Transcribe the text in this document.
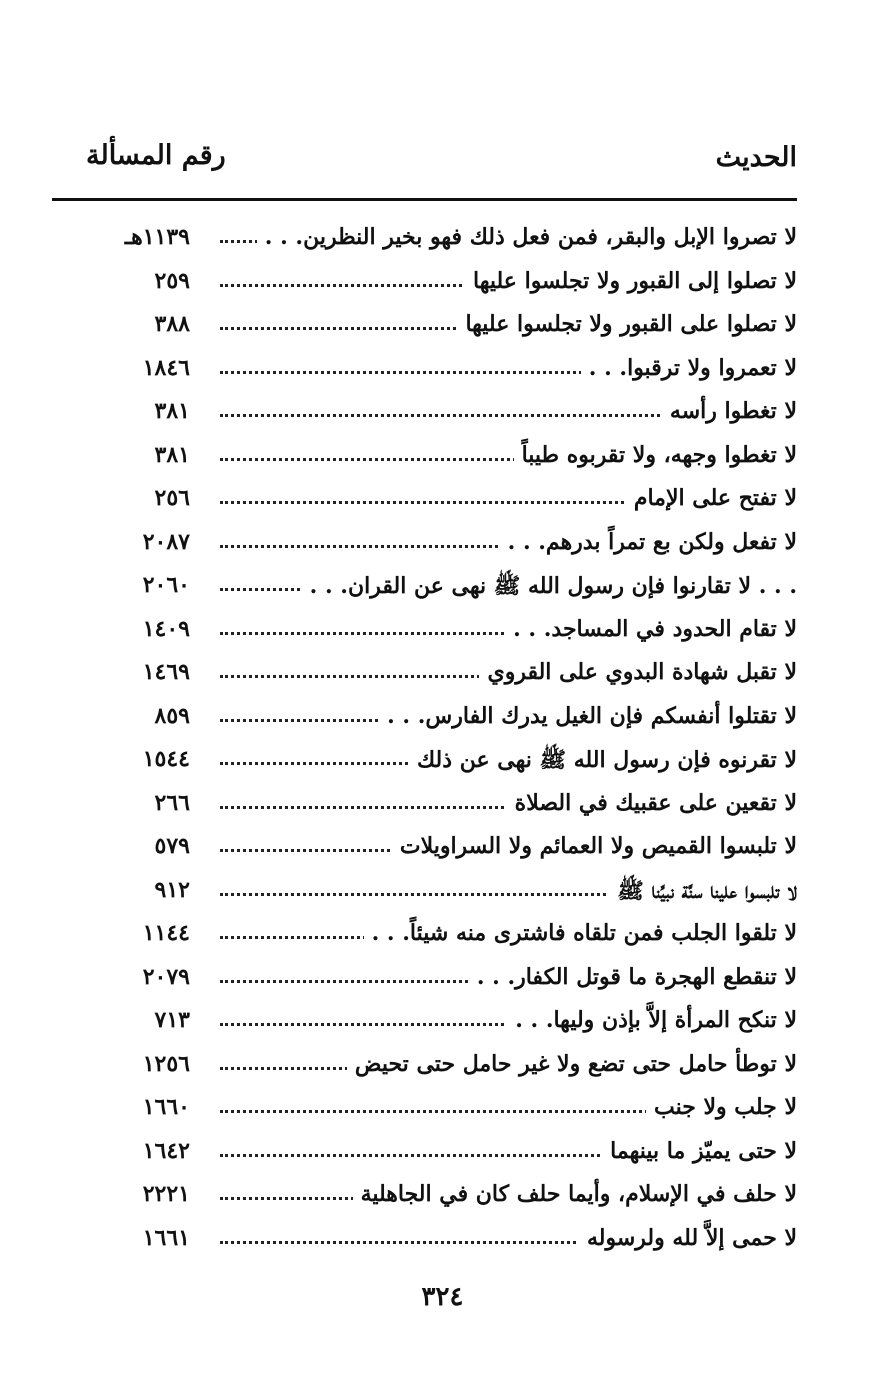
الحديث
رقم المسألة
لا تصروا الإبل والبقر، فمن فعل ذلك فهو بخير النظرين. . .
١١٣٩هـ
لا تصلوا إلى القبور ولا تجلسوا عليها
٢٥٩
لا تصلوا على القبور ولا تجلسوا عليها
٣٨٨
لا تعمروا ولا ترقبوا. . .
١٨٤٦
لا تغطوا رأسه
٣٨١
لا تغطوا وجهه، ولا تقربوه طيباً
٣٨١
لا تفتح على الإمام
٢٥٦
لا تفعل ولكن بع تمراً بدرهم. . .
٢٠٨٧
. . . لا تقارنوا فإن رسول الله ﷺ نهى عن القران. . .
٢٠٦٠
لا تقام الحدود في المساجد. . .
١٤٠٩
لا تقبل شهادة البدوي على القروي
١٤٦٩
لا تقتلوا أنفسكم فإن الغيل يدرك الفارس. . .
٨٥٩
لا تقرنوه فإن رسول الله ﷺ نهى عن ذلك
١٥٤٤
لا تقعين على عقبيك في الصلاة
٢٦٦
لا تلبسوا القميص ولا العمائم ولا السراويلات
٥٧٩
لا تلبسوا علينا سنَّة نبيِّنا ﷺ
٩١٢
لا تلقوا الجلب فمن تلقاه فاشترى منه شيئاً. . .
١١٤٤
لا تنقطع الهجرة ما قوتل الكفار. . .
٢٠٧٩
لا تنكح المرأة إلاَّ بإذن وليها. . .
٧١٣
لا توطأ حامل حتى تضع ولا غير حامل حتى تحيض
١٢٥٦
لا جلب ولا جنب
١٦٦٠
لا حتى يميّز ما بينهما
١٦٤٢
لا حلف في الإسلام، وأيما حلف كان في الجاهلية
٢٢٢١
لا حمى إلاَّ لله ولرسوله
١٦٦١
٣٢٤
